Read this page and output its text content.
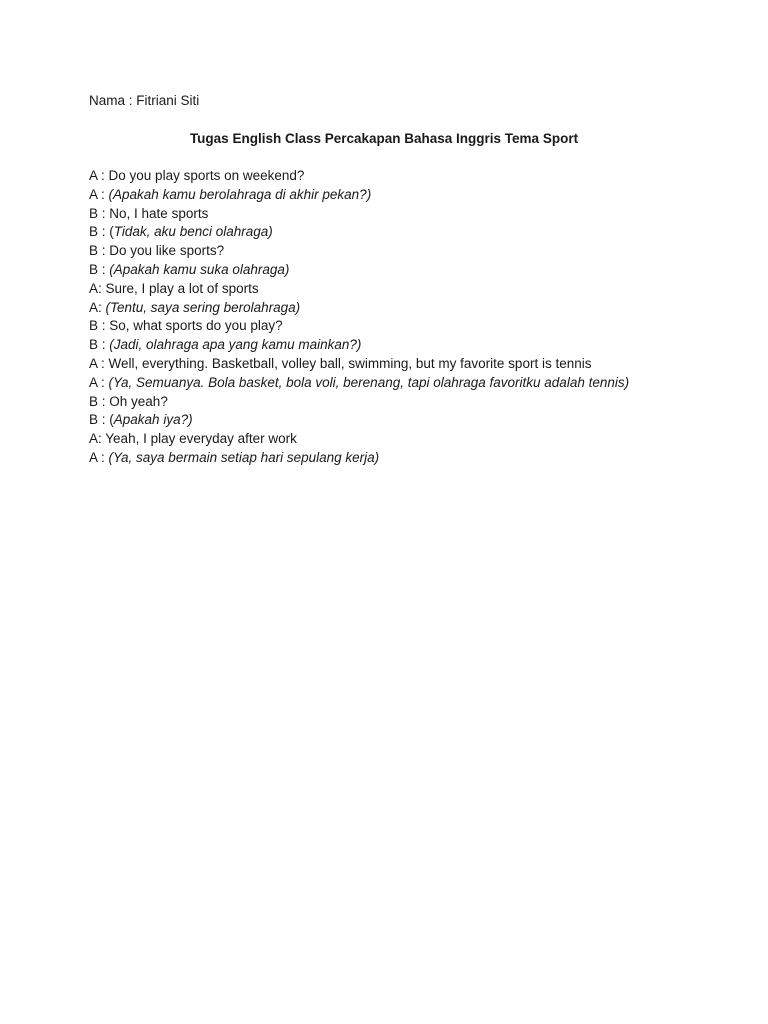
Nama : Fitriani Siti
Tugas English Class Percakapan Bahasa Inggris Tema Sport
A : Do you play sports on weekend?
A : (Apakah kamu berolahraga di akhir pekan?)
B : No, I hate sports
B : (Tidak, aku benci olahraga)
B : Do you like sports?
B : (Apakah kamu suka olahraga)
A: Sure, I play a lot of sports
A: (Tentu, saya sering berolahraga)
B : So, what sports do you play?
B : (Jadi, olahraga apa yang kamu mainkan?)
A : Well, everything. Basketball, volley ball, swimming, but my favorite sport is tennis
A : (Ya, Semuanya. Bola basket, bola voli, berenang, tapi olahraga favoritku adalah tennis)
B : Oh yeah?
B : (Apakah iya?)
A: Yeah, I play everyday after work
A : (Ya, saya bermain setiap hari sepulang kerja)
